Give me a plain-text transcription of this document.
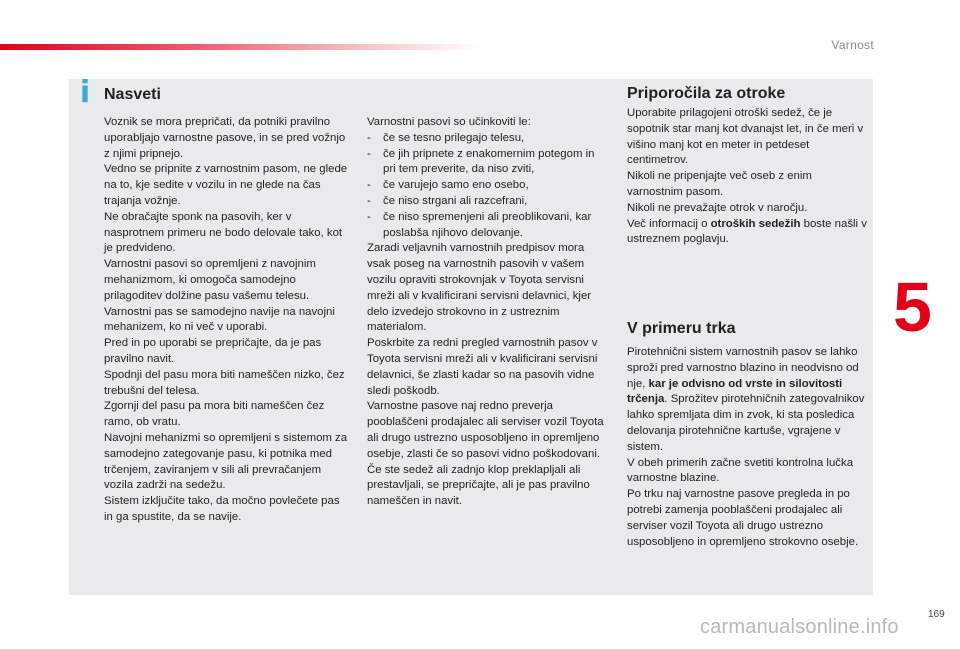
Varnost
5
169
i Nasveti

Voznik se mora prepričati, da potniki pravilno uporabljajo varnostne pasove, in se pred vožnjo z njimi pripnejo.

Vedno se pripnite z varnostnim pasom, ne glede na to, kje sedite v vozilu in ne glede na čas trajanja vožnje.

Ne obračajte sponk na pasovih, ker v nasprotnem primeru ne bodo delovale tako, kot je predvideno.

Varnostni pasovi so opremljeni z navojnim mehanizmom, ki omogoča samodejno prilagoditev dolžine pasu vašemu telesu.

Varnostni pas se samodejno navije na navojni mehanizem, ko ni več v uporabi.

Pred in po uporabi se prepričajte, da je pas pravilno navit.

Spodnji del pasu mora biti nameščen nizko, čez trebušni del telesa.

Zgornji del pasu pa mora biti nameščen čez ramo, ob vratu.

Navojni mehanizmi so opremljeni s sistemom za samodejno zategovanje pasu, ki potnika med trčenjem, zaviranjem v sili ali prevračanjem vozila zadrži na sedežu.

Sistem izključite tako, da močno povlečete pas in ga spustite, da se navije.

Varnostni pasovi so učinkoviti le:

- če se tesno prilegajo telesu,
- če jih pripnete z enakomernim potegom in pri tem preverite, da niso zviti,
- če varujejo samo eno osebo,
- če niso strgani ali razcefrani,
- če niso spremenjeni ali preoblikovani, kar poslabša njihovo delovanje.

Zaradi veljavnih varnostnih predpisov mora vsak poseg na varnostnih pasovih v vašem vozilu opraviti strokovnjak v Toyota servisni mreži ali v kvalificirani servisni delavnici, kjer delo izvedejo strokovno in z ustreznim materialom.

Poskrbite za redni pregled varnostnih pasov v Toyota servisni mreži ali v kvalificirani servisni delavnici, še zlasti kadar so na pasovih vidne sledi poškodb.

Varnostne pasove naj redno preverja pooblaščeni prodajalec ali serviser vozil Toyota ali drugo ustrezno usposobljeno in opremljeno osebje, zlasti če so pasovi vidno poškodovani.

Če ste sedež ali zadnjo klop preklapljali ali prestavljali, se prepričajte, ali je pas pravilno nameščen in navit.

Priporočila za otroke

Uporabite prilagojeni otroški sedež, če je sopotnik star manj kot dvanajst let, in če meri v višino manj kot en meter in petdeset centimetrov.

Nikoli ne pripenjajte več oseb z enim varnostnim pasom.

Nikoli ne prevažajte otrok v naročju.

Več informacij o otroških sedežih boste našli v ustreznem poglavju.

V primeru trka

Pirotehnični sistem varnostnih pasov se lahko sproži pred varnostno blazino in neodvisno od nje, kar je odvisno od vrste in silovitosti trčenja. Sprožitev pirotehničnih zategovalnikov lahko spremljata dim in zvok, ki sta posledica delovanja pirotehnične kartuše, vgrajene v sistem.

V obeh primerih začne svetiti kontrolna lučka varnostne blazine.

Po trku naj varnostne pasove pregleda in po potrebi zamenja pooblaščeni prodajalec ali serviser vozil Toyota ali drugo ustrezno usposobljeno in opremljeno strokovno osebje.

carmanualsonline.info
